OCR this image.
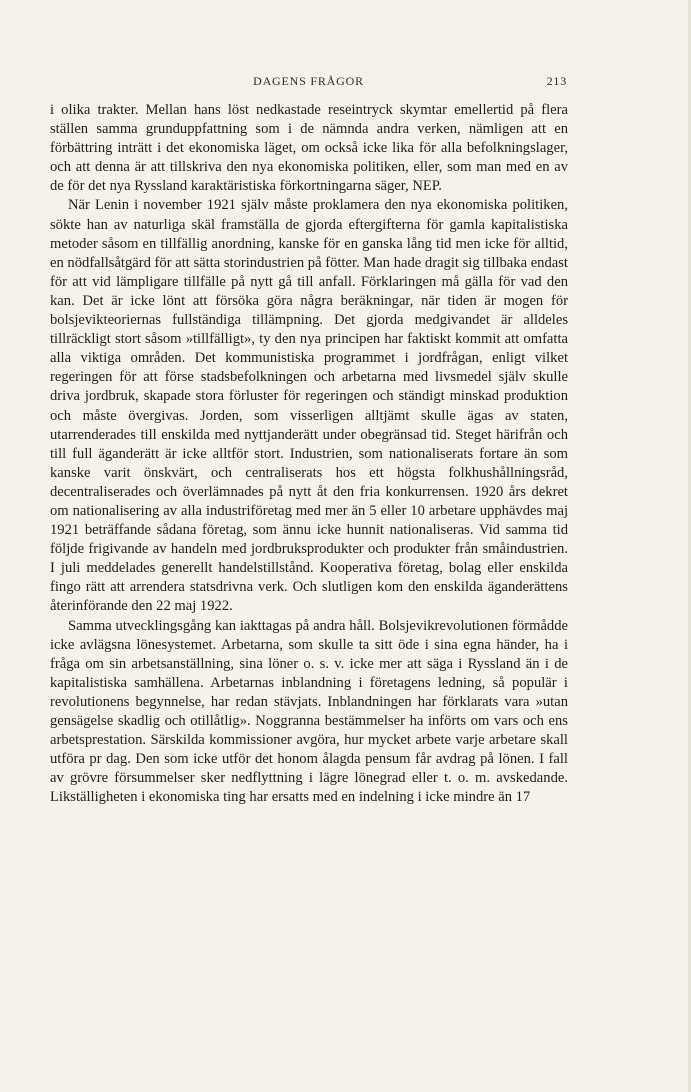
DAGENS FRÅGOR	213

i olika trakter. Mellan hans löst nedkastade reseintryck skymtar emellertid på flera ställen samma grunduppfattning som i de nämnda andra verken, nämligen att en förbättring inträtt i det ekonomiska läget, om också icke lika för alla befolkningslager, och att denna är att tillskriva den nya ekonomiska politiken, eller, som man med en av de för det nya Ryssland karaktäristiska förkortningarna säger, NEP.

När Lenin i november 1921 själv måste proklamera den nya ekonomiska politiken, sökte han av naturliga skäl framställa de gjorda eftergifterna för gamla kapitalistiska metoder såsom en tillfällig anordning, kanske för en ganska lång tid men icke för alltid, en nödfallsåtgärd för att sätta storindustrien på fötter. Man hade dragit sig tillbaka endast för att vid lämpligare tillfälle på nytt gå till anfall. Förklaringen må gälla för vad den kan. Det är icke lönt att försöka göra några beräkningar, när tiden är mogen för bolsjevikteoriernas fullständiga tillämpning. Det gjorda medgivandet är alldeles tillräckligt stort såsom »tillfälligt», ty den nya principen har faktiskt kommit att omfatta alla viktiga områden. Det kommunistiska programmet i jordfrågan, enligt vilket regeringen för att förse stadsbefolkningen och arbetarna med livsmedel själv skulle driva jordbruk, skapade stora förluster för regeringen och ständigt minskad produktion och måste övergivas. Jorden, som visserligen alltjämt skulle ägas av staten, utarrenderades till enskilda med nyttjanderätt under obegränsad tid. Steget härifrån och till full äganderätt är icke alltför stort. Industrien, som nationaliserats fortare än som kanske varit önskvärt, och centraliserats hos ett högsta folkhushållningsråd, decentraliserades och överlämnades på nytt åt den fria konkurrensen. 1920 års dekret om nationalisering av alla industriföretag med mer än 5 eller 10 arbetare upphävdes maj 1921 beträffande sådana företag, som ännu icke hunnit nationaliseras. Vid samma tid följde frigivande av handeln med jordbruksprodukter och produkter från småindustrien. I juli meddelades generellt handelstillstånd. Kooperativa företag, bolag eller enskilda fingo rätt att arrendera statsdrivna verk. Och slutligen kom den enskilda äganderättens återinförande den 22 maj 1922.

Samma utvecklingsgång kan iakttagas på andra håll. Bolsjevikrevolutionen förmådde icke avlägsna lönesystemet. Arbetarna, som skulle ta sitt öde i sina egna händer, ha i fråga om sin arbetsanställning, sina löner o. s. v. icke mer att säga i Ryssland än i de kapitalistiska samhällena. Arbetarnas inblandning i företagens ledning, så populär i revolutionens begynnelse, har redan stävjats. Inblandningen har förklarats vara »utan gensägelse skadlig och otillåtlig». Noggranna bestämmelser ha införts om vars och ens arbetsprestation. Särskilda kommissioner avgöra, hur mycket arbete varje arbetare skall utföra pr dag. Den som icke utför det honom ålagda pensum får avdrag på lönen. I fall av grövre försummelser sker nedflyttning i lägre lönegrad eller t. o. m. avskedande. Likställigheten i ekonomiska ting har ersatts med en indelning i icke mindre än 17
